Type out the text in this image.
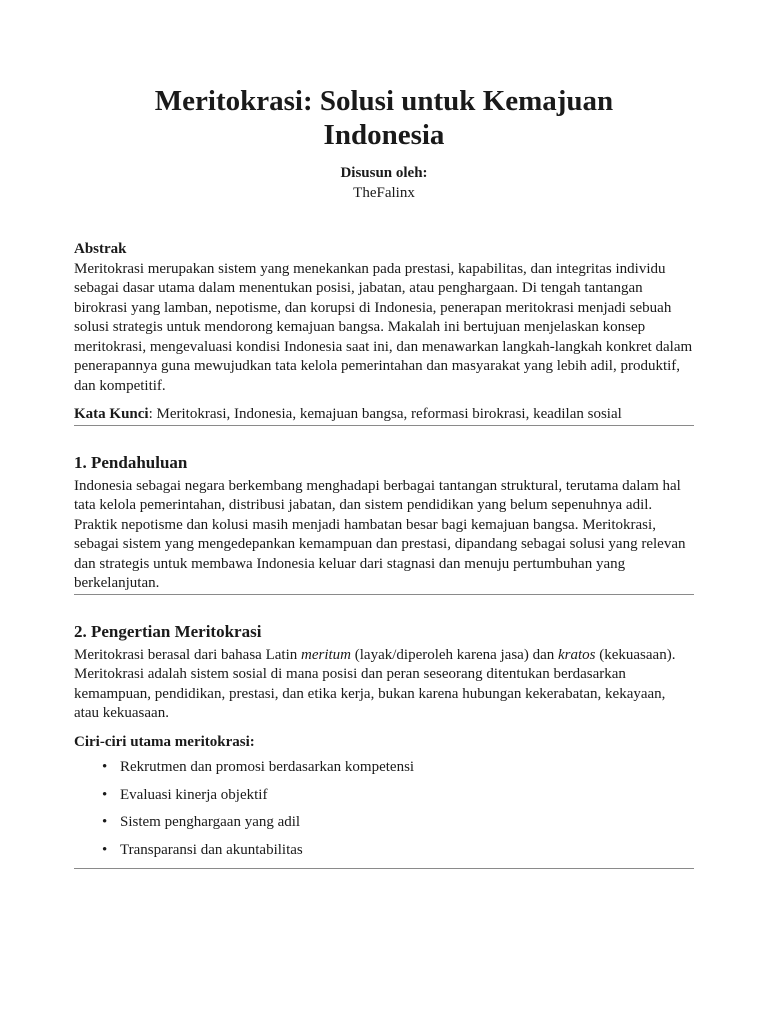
Meritokrasi: Solusi untuk Kemajuan Indonesia

Disusun oleh:

TheFalinx

Abstrak

Meritokrasi merupakan sistem yang menekankan pada prestasi, kapabilitas, dan integritas individu sebagai dasar utama dalam menentukan posisi, jabatan, atau penghargaan. Di tengah tantangan birokrasi yang lamban, nepotisme, dan korupsi di Indonesia, penerapan meritokrasi menjadi sebuah solusi strategis untuk mendorong kemajuan bangsa. Makalah ini bertujuan menjelaskan konsep meritokrasi, mengevaluasi kondisi Indonesia saat ini, dan menawarkan langkah-langkah konkret dalam penerapannya guna mewujudkan tata kelola pemerintahan dan masyarakat yang lebih adil, produktif, dan kompetitif.

Kata Kunci: Meritokrasi, Indonesia, kemajuan bangsa, reformasi birokrasi, keadilan sosial

1. Pendahuluan

Indonesia sebagai negara berkembang menghadapi berbagai tantangan struktural, terutama dalam hal tata kelola pemerintahan, distribusi jabatan, dan sistem pendidikan yang belum sepenuhnya adil. Praktik nepotisme dan kolusi masih menjadi hambatan besar bagi kemajuan bangsa. Meritokrasi, sebagai sistem yang mengedepankan kemampuan dan prestasi, dipandang sebagai solusi yang relevan dan strategis untuk membawa Indonesia keluar dari stagnasi dan menuju pertumbuhan yang berkelanjutan.

2. Pengertian Meritokrasi

Meritokrasi berasal dari bahasa Latin meritum (layak/diperoleh karena jasa) dan kratos (kekuasaan). Meritokrasi adalah sistem sosial di mana posisi dan peran seseorang ditentukan berdasarkan kemampuan, pendidikan, prestasi, dan etika kerja, bukan karena hubungan kekerabatan, kekayaan, atau kekuasaan.

Ciri-ciri utama meritokrasi:
• Rekrutmen dan promosi berdasarkan kompetensi
• Evaluasi kinerja objektif
• Sistem penghargaan yang adil
• Transparansi dan akuntabilitas
